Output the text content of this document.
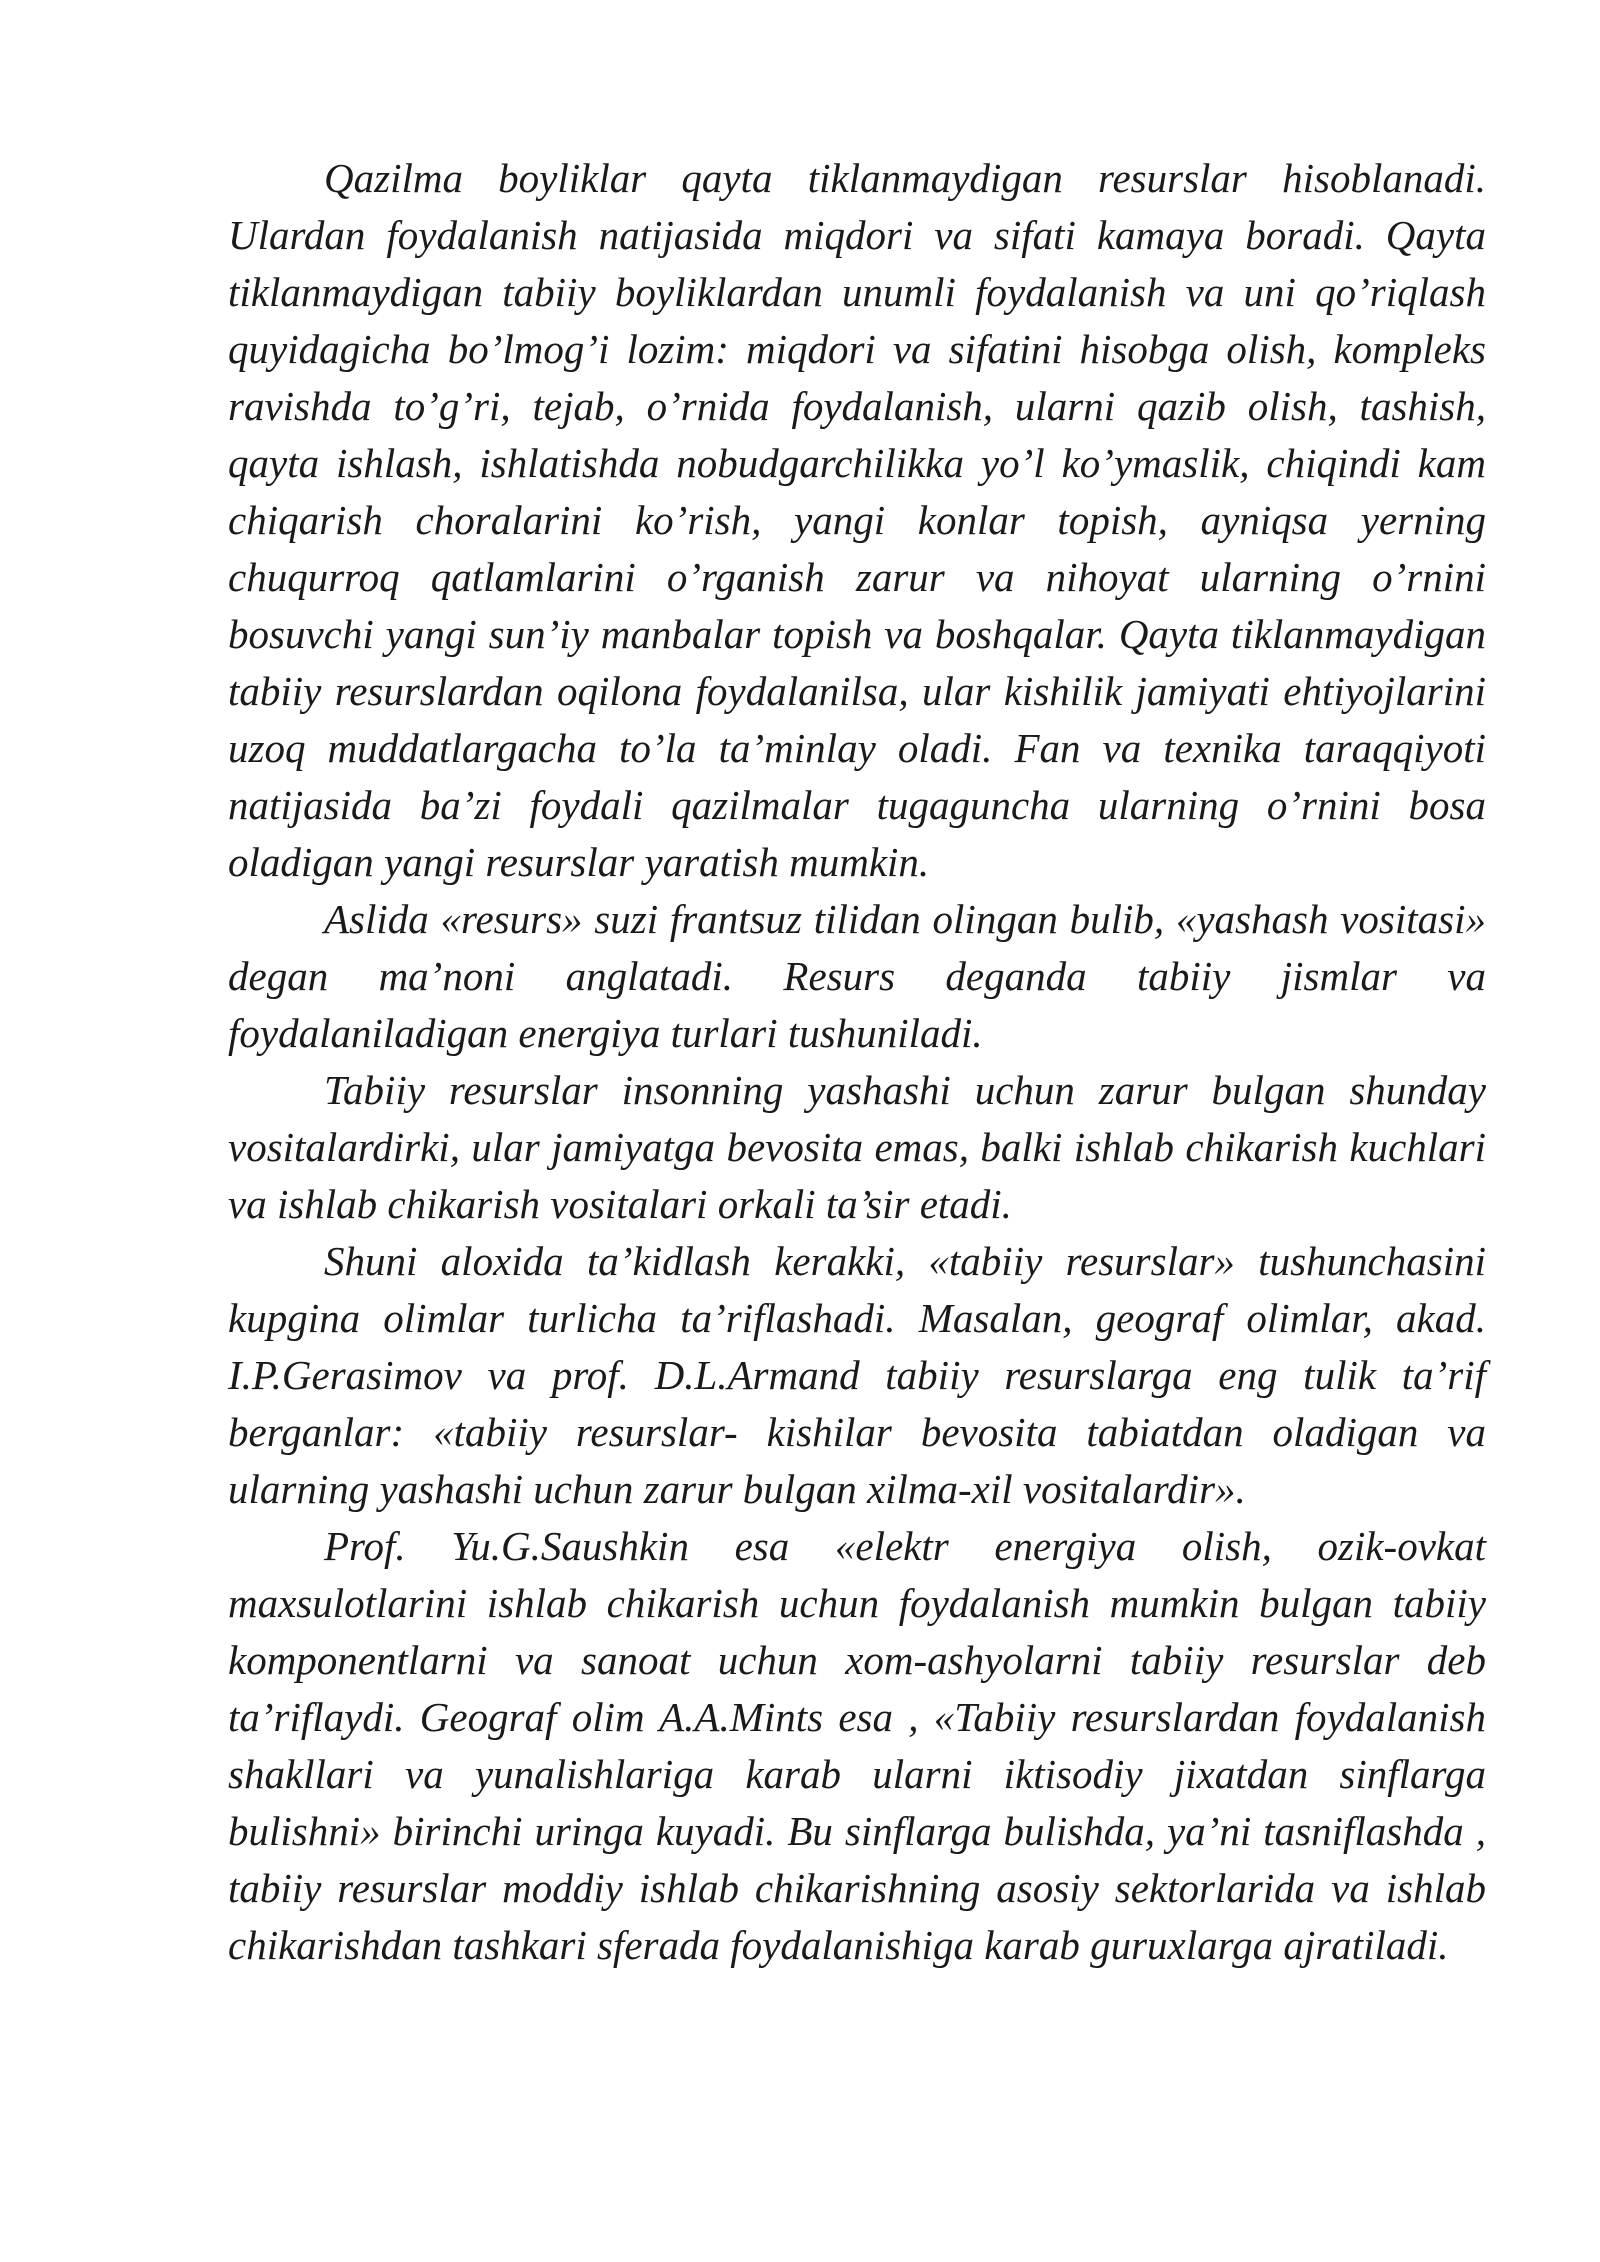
Qazilma boyliklar qayta tiklanmaydigan resurslar hisoblanadi. Ulardan foydalanish natijasida miqdori va sifati kamaya boradi. Qayta tiklanmaydigan tabiiy boyliklardan unumli foydalanish va uni qo’riqlash quyidagicha bo’lmog’i lozim: miqdori va sifatini hisobga olish, kompleks ravishda to’g’ri, tejab, o’rnida foydalanish, ularni qazib olish, tashish, qayta ishlash, ishlatishda nobudgarchilikka yo’l ko’ymaslik, chiqindi kam chiqarish choralarini ko’rish, yangi konlar topish, ayniqsa yerning chuqurroq qatlamlarini o’rganish zarur va nihoyat ularning o’rnini bosuvchi yangi sun’iy manbalar topish va boshqalar. Qayta tiklanmaydigan tabiiy resurslardan oqilona foydalanilsa, ular kishilik jamiyati ehtiyojlarini uzoq muddatlargacha to’la ta’minlay oladi. Fan va texnika taraqqiyoti natijasida ba’zi foydali qazilmalar tugaguncha ularning o’rnini bosa oladigan yangi resurslar yaratish mumkin.

Aslida «resurs» suzi frantsuz tilidan olingan bulib, «yashash vositasi» degan ma’noni anglatadi. Resurs deganda tabiiy jismlar va foydalaniladigan energiya turlari tushuniladi.

Tabiiy resurslar insonning yashashi uchun zarur bulgan shunday vositalardirki, ular jamiyatga bevosita emas, balki ishlab chikarish kuchlari va ishlab chikarish vositalari orkali ta’sir etadi.

Shuni aloxida ta’kidlash kerakki, «tabiiy resurslar» tushunchasini kupgina olimlar turlicha ta’riflashadi. Masalan, geograf olimlar, akad. I.P.Gerasimov va prof. D.L.Armand tabiiy resurslarga eng tulik ta’rif berganlar: «tabiiy resurslar- kishilar bevosita tabiatdan oladigan va ularning yashashi uchun zarur bulgan xilma-xil vositalardir».

Prof. Yu.G.Saushkin esa «elektr energiya olish, ozik-ovkat maxsulotlarini ishlab chikarish uchun foydalanish mumkin bulgan tabiiy komponentlarni va sanoat uchun xom-ashyolarni tabiiy resurslar deb ta’riflaydi. Geograf olim A.A.Mints esa , «Tabiiy resurslardan foydalanish shakllari va yunalishlariga karab ularni iktisodiy jixatdan sinflarga bulishni» birinchi uringa kuyadi. Bu sinflarga bulishda, ya’ni tasniflashda , tabiiy resurslar moddiy ishlab chikarishning asosiy sektorlarida va ishlab chikarishdan tashkari sferada foydalanishiga karab guruxlarga ajratiladi.
